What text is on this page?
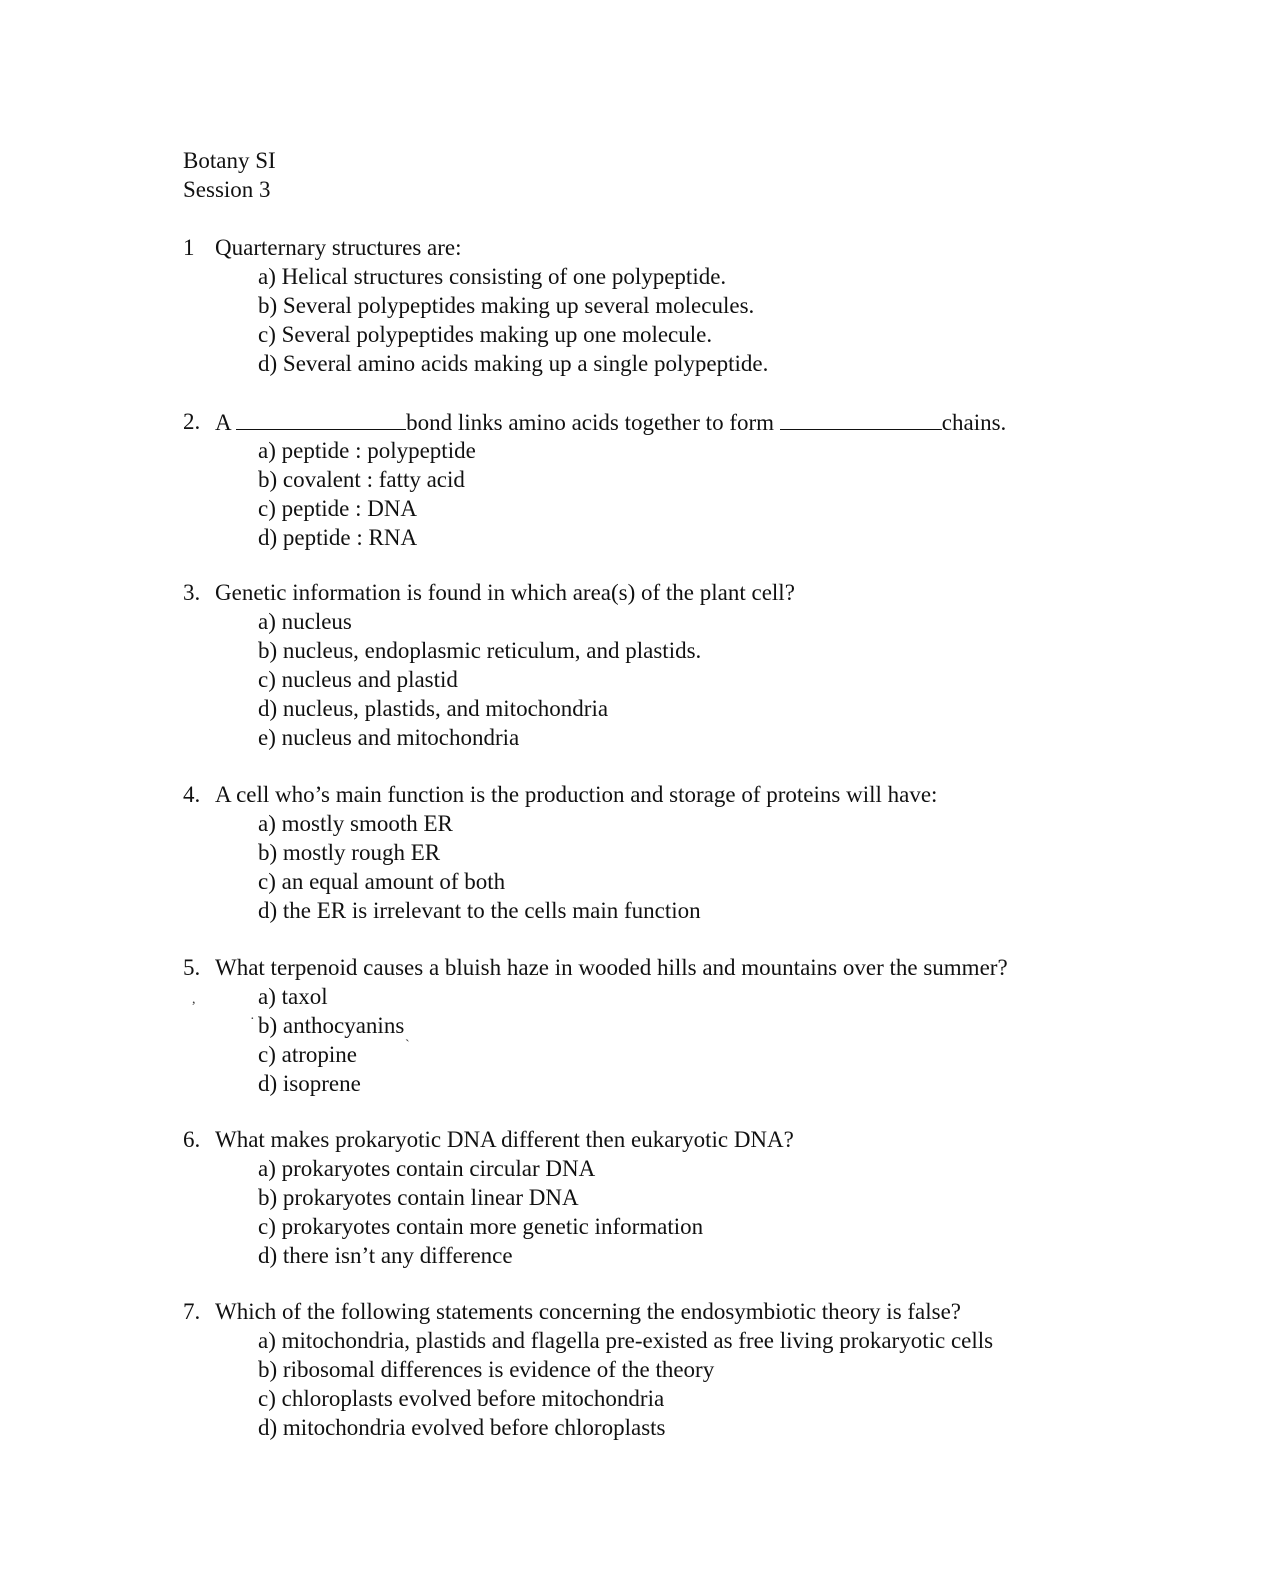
Botany SI
Session 3
1 Quarternary structures are:
a) Helical structures consisting of one polypeptide.
b) Several polypeptides making up several molecules.
c) Several polypeptides making up one molecule.
d) Several amino acids making up a single polypeptide.
2. A	bond links amino acids together to form	chains.
a) peptide : polypeptide
b) covalent : fatty acid
c) peptide : DNA
d) peptide : RNA
3. Genetic information is found in which area(s) of the plant cell?
a) nucleus
b) nucleus, endoplasmic reticulum, and plastids.
c) nucleus and plastid
d) nucleus, plastids, and mitochondria
e) nucleus and mitochondria
4. A cell who’s main function is the production and storage of proteins will have:
a) mostly smooth ER
b) mostly rough ER
c) an equal amount of both
d) the ER is irrelevant to the cells main function
5. What terpenoid causes a bluish haze in wooded hills and mountains over the summer?
a) taxol
b) anthocyanins
c) atropine
d) isoprene
,
·
ˋ
6. What makes prokaryotic DNA different then eukaryotic DNA?
a) prokaryotes contain circular DNA
b) prokaryotes contain linear DNA
c) prokaryotes contain more genetic information
d) there isn’t any difference
7. Which of the following statements concerning the endosymbiotic theory is false?
a) mitochondria, plastids and flagella pre-existed as free living prokaryotic cells
b) ribosomal differences is evidence of the theory
c) chloroplasts evolved before mitochondria
d) mitochondria evolved before chloroplasts
